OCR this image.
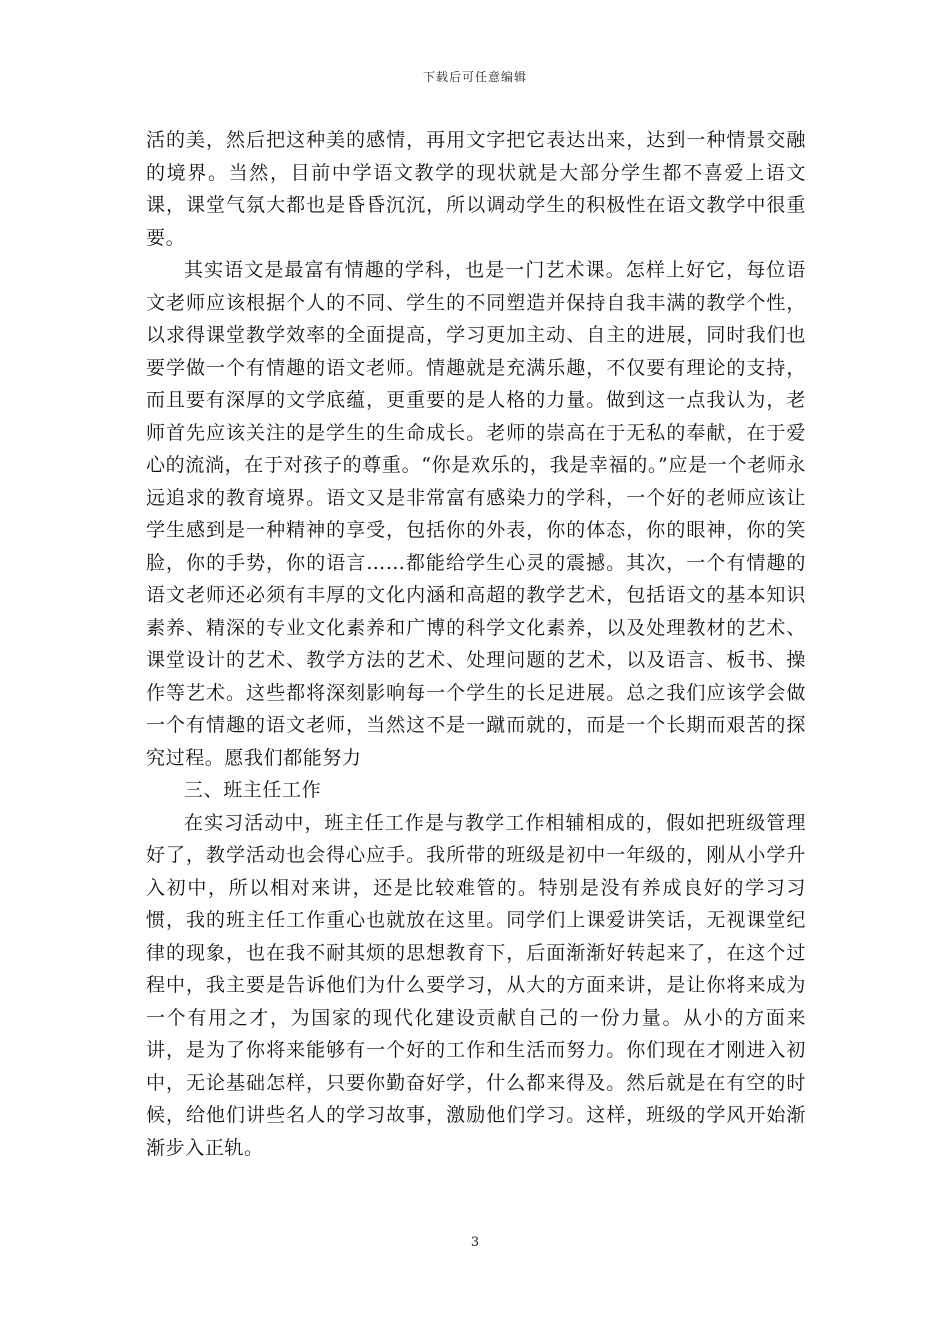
下载后可任意编辑

活的美，然后把这种美的感情，再用文字把它表达出来，达到一种情景交融的境界。当然，目前中学语文教学的现状就是大部分学生都不喜爱上语文课，课堂气氛大都也是昏昏沉沉，所以调动学生的积极性在语文教学中很重要。

其实语文是最富有情趣的学科，也是一门艺术课。怎样上好它，每位语文老师应该根据个人的不同、学生的不同塑造并保持自我丰满的教学个性，以求得课堂教学效率的全面提高，学习更加主动、自主的进展，同时我们也要学做一个有情趣的语文老师。情趣就是充满乐趣，不仅要有理论的支持，而且要有深厚的文学底蕴，更重要的是人格的力量。做到这一点我认为，老师首先应该关注的是学生的生命成长。老师的崇高在于无私的奉献，在于爱心的流淌，在于对孩子的尊重。“你是欢乐的，我是幸福的。”应是一个老师永远追求的教育境界。语文又是非常富有感染力的学科，一个好的老师应该让学生感到是一种精神的享受，包括你的外表，你的体态，你的眼神，你的笑脸，你的手势，你的语言……都能给学生心灵的震撼。其次，一个有情趣的语文老师还必须有丰厚的文化内涵和高超的教学艺术，包括语文的基本知识素养、精深的专业文化素养和广博的科学文化素养，以及处理教材的艺术、课堂设计的艺术、教学方法的艺术、处理问题的艺术，以及语言、板书、操作等艺术。这些都将深刻影响每一个学生的长足进展。总之我们应该学会做一个有情趣的语文老师，当然这不是一蹴而就的，而是一个长期而艰苦的探究过程。愿我们都能努力

三、班主任工作

在实习活动中，班主任工作是与教学工作相辅相成的，假如把班级管理好了，教学活动也会得心应手。我所带的班级是初中一年级的，刚从小学升入初中，所以相对来讲，还是比较难管的。特别是没有养成良好的学习习惯，我的班主任工作重心也就放在这里。同学们上课爱讲笑话，无视课堂纪律的现象，也在我不耐其烦的思想教育下，后面渐渐好转起来了，在这个过程中，我主要是告诉他们为什么要学习，从大的方面来讲，是让你将来成为一个有用之才，为国家的现代化建设贡献自己的一份力量。从小的方面来讲，是为了你将来能够有一个好的工作和生活而努力。你们现在才刚进入初中，无论基础怎样，只要你勤奋好学，什么都来得及。然后就是在有空的时候，给他们讲些名人的学习故事，激励他们学习。这样，班级的学风开始渐渐步入正轨。

3
